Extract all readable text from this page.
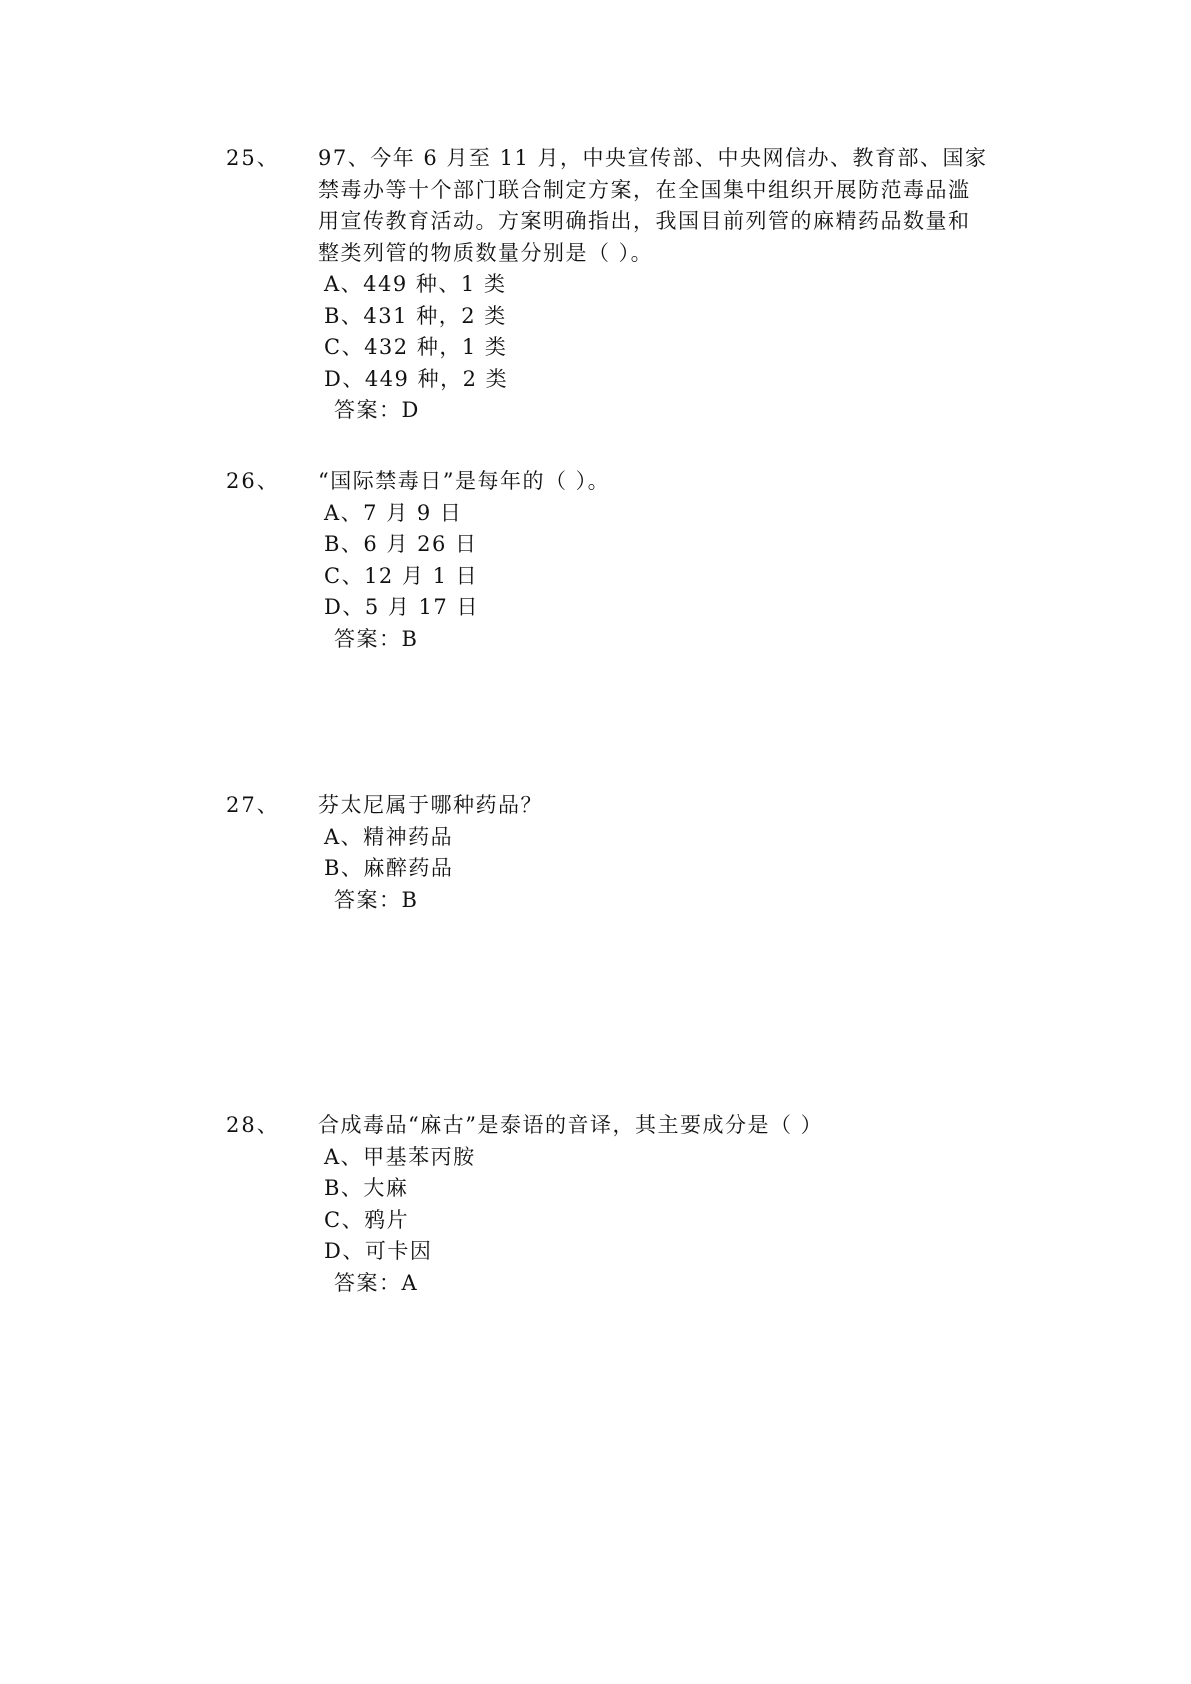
25、 97、今年 6 月至 11 月，中央宣传部、中央网信办、教育部、国家
禁毒办等十个部门联合制定方案，在全国集中组织开展防范毒品滥
用宣传教育活动。方案明确指出，我国目前列管的麻精药品数量和
整类列管的物质数量分别是（ ）。
A、449 种、1 类
B、431 种，2 类
C、432 种，1 类
D、449 种，2 类
答案：D
26、 “国际禁毒日”是每年的（ ）。
A、7 月 9 日
B、6 月 26 日
C、12 月 1 日
D、5 月 17 日
答案：B
27、 芬太尼属于哪种药品？
A、精神药品
B、麻醉药品
答案：B
28、 合成毒品“麻古”是泰语的音译，其主要成分是（ ）
A、甲基苯丙胺
B、大麻
C、鸦片
D、可卡因
答案：A
